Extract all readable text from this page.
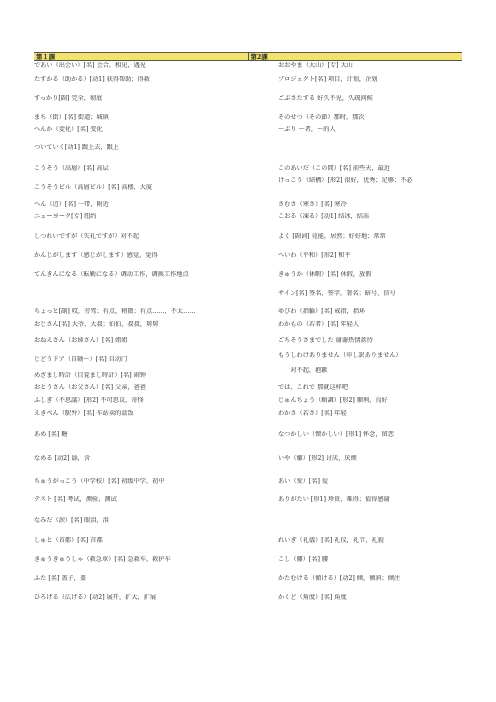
第１課	第2課
であい（出会い）[名] 会合，相见，遇见
たすかる（助かる）[动1] 获得帮助；得救
すっかり[副] 完全，彻底
まち（街）[名] 街道；城镇
へんか（変化）[名] 变化
ついていく[动1] 跟上去，跟上
こうそう（高層）[名] 高层
こうそうビル（高層ビル）[名] 高楼，大厦
へん（辺）[名] 一带，附近
ニューヨーク[专] 纽约
しつれいですが（失礼ですが）对不起
かんじがします（感じがします）感觉，觉得
てんきんになる（転勤になる）调动工作，调换工作地点
ちょっと[副] 哎，劳驾；有点，稍微；有点……，不太……
おじさん[名] 大爷，大叔；伯伯，叔叔，舅舅
おねえさん（お姉さん）[名] 姐姐
じどうドア（自動～）[名] 自动门
めざまし時計（目覚まし時計）[名] 闹钟
おとうさん（お父さん）[名] 父亲，爸爸
ふしぎ（不思議）[形2] 不可思议，奇怪
えきべん（駅弁）[名] 车站卖的盒饭
あめ [名] 糖
なめる [动2] 舔，含
ちゅうがっこう（中学校）[名] 初级中学，初中
テスト [名] 考试，测验，测试
なみだ（涙）[名] 眼泪，泪
しゅと（首都）[名] 首都
きゅうきゅうしゃ（救急車）[名] 急救车，救护车
ふた [名] 盖子，盖
ひろげる（広げる）[动2] 展开，扩大，扩展
おおやま（大山）[专] 大山
プロジェクト[名] 项目，计划，企划
ごぶさたする 好久不见，久疏问候
そのせつ（その節）那时，那次
～ぶり ～者，～的人
このあいだ（この間）[名] 前些天，最近
けっこう（結構）[形2] 很好，优秀；足够；不必
さむさ（寒さ）[名] 寒冷
こおる（凍る）[动1] 结冰，结冻
よく [副词] 竟能，居然；好好地；常常
へいわ（平和）[形2] 和平
きゅうか（休暇）[名] 休假，放假
サイン[名] 签名，签字，署名；暗号，信号
ゆびわ（指輪）[名] 戒指，指环
わかもの（若者）[名] 年轻人
ごちそうさまでした 谢谢热情款待
もうしわけありません（申し訳ありません）
　　对不起，抱歉
では、これで 那就这样吧
じゅんちょう（順調）[形2] 顺利，良好
わかさ（若さ）[名] 年轻
なつかしい（懐かしい）[形1] 怀念，留恋
いや（嫌）[形2] 讨厌，厌烦
あい（愛）[名] 爱
ありがたい [形1] 珍贵，难得；值得感谢
れいぎ（礼儀）[名] 礼仪，礼节，礼貌
こし（腰）[名] 腰
かたむける（傾ける）[动2] 倾，倾斜；倾注
かくど（角度）[名] 角度
